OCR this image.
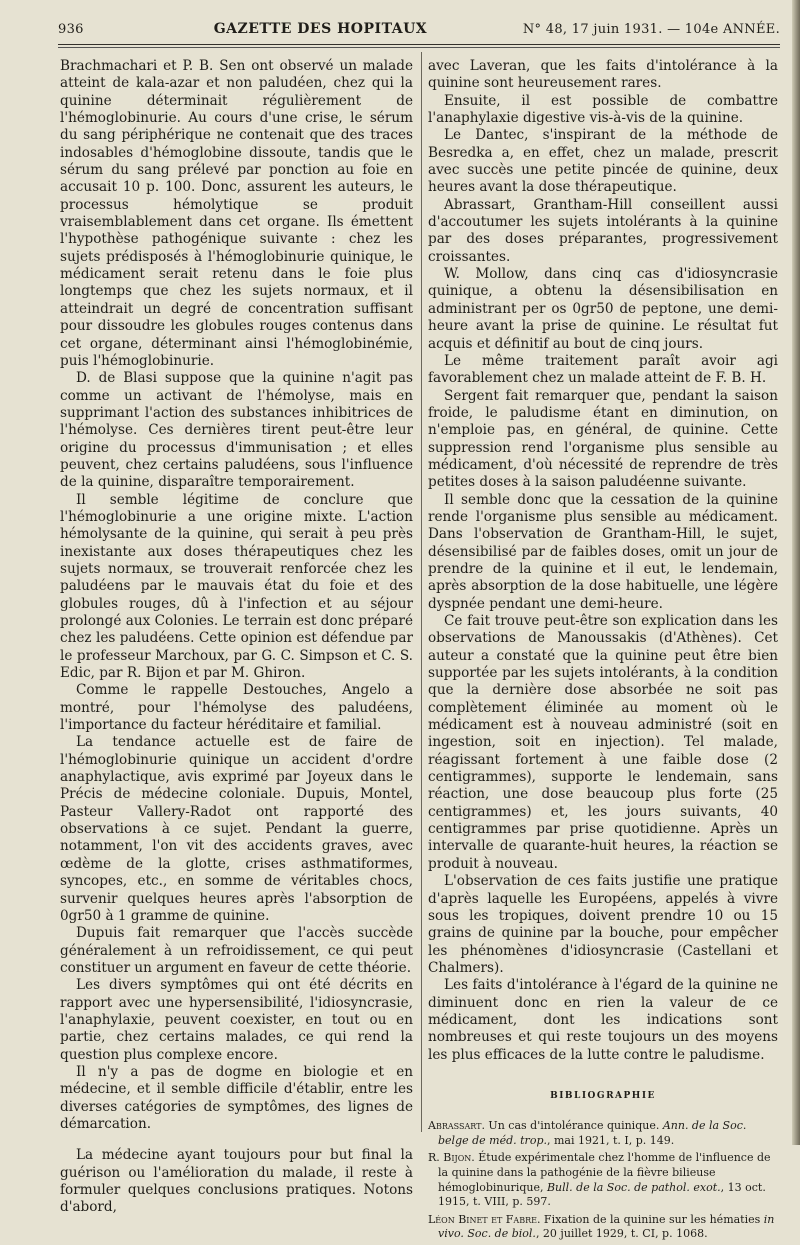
936	GAZETTE DES HOPITAUX	N° 48, 17 juin 1931. — 104e ANNÉE.

Brachmachari et P. B. Sen ont observé un malade atteint de kala-azar et non paludéen, chez qui la quinine déterminait régulièrement de l'hémoglobinurie. Au cours d'une crise, le sérum du sang périphérique ne contenait que des traces indosables d'hémoglobine dissoute, tandis que le sérum du sang prélevé par ponction au foie en accusait 10 p. 100. Donc, assurent les auteurs, le processus hémolytique se produit vraisemblablement dans cet organe. Ils émettent l'hypothèse pathogénique suivante : chez les sujets prédisposés à l'hémoglobinurie quinique, le médicament serait retenu dans le foie plus longtemps que chez les sujets normaux, et il atteindrait un degré de concentration suffisant pour dissoudre les globules rouges contenus dans cet organe, déterminant ainsi l'hémoglobinémie, puis l'hémoglobinurie.

D. de Blasi suppose que la quinine n'agit pas comme un activant de l'hémolyse, mais en supprimant l'action des substances inhibitrices de l'hémolyse. Ces dernières tirent peut-être leur origine du processus d'immunisation ; et elles peuvent, chez certains paludéens, sous l'influence de la quinine, disparaître temporairement.

Il semble légitime de conclure que l'hémoglobinurie a une origine mixte. L'action hémolysante de la quinine, qui serait à peu près inexistante aux doses thérapeutiques chez les sujets normaux, se trouverait renforcée chez les paludéens par le mauvais état du foie et des globules rouges, dû à l'infection et au séjour prolongé aux Colonies. Le terrain est donc préparé chez les paludéens. Cette opinion est défendue par le professeur Marchoux, par G. C. Simpson et C. S. Edic, par R. Bijon et par M. Ghiron.

Comme le rappelle Destouches, Angelo a montré, pour l'hémolyse des paludéens, l'importance du facteur héréditaire et familial.

La tendance actuelle est de faire de l'hémoglobinurie quinique un accident d'ordre anaphylactique, avis exprimé par Joyeux dans le Précis de médecine coloniale. Dupuis, Montel, Pasteur Vallery-Radot ont rapporté des observations à ce sujet. Pendant la guerre, notamment, l'on vit des accidents graves, avec œdème de la glotte, crises asthmatiformes, syncopes, etc., en somme de véritables chocs, survenir quelques heures après l'absorption de 0gr50 à 1 gramme de quinine.

Dupuis fait remarquer que l'accès succède généralement à un refroidissement, ce qui peut constituer un argument en faveur de cette théorie.

Les divers symptômes qui ont été décrits en rapport avec une hypersensibilité, l'idiosyncrasie, l'anaphylaxie, peuvent coexister, en tout ou en partie, chez certains malades, ce qui rend la question plus complexe encore.

Il n'y a pas de dogme en biologie et en médecine, et il semble difficile d'établir, entre les diverses catégories de symptômes, des lignes de démarcation.

La médecine ayant toujours pour but final la guérison ou l'amélioration du malade, il reste à formuler quelques conclusions pratiques. Notons d'abord,

avec Laveran, que les faits d'intolérance à la quinine sont heureusement rares.

Ensuite, il est possible de combattre l'anaphylaxie digestive vis-à-vis de la quinine.

Le Dantec, s'inspirant de la méthode de Besredka a, en effet, chez un malade, prescrit avec succès une petite pincée de quinine, deux heures avant la dose thérapeutique.

Abrassart, Grantham-Hill conseillent aussi d'accoutumer les sujets intolérants à la quinine par des doses préparantes, progressivement croissantes.

W. Mollow, dans cinq cas d'idiosyncrasie quinique, a obtenu la désensibilisation en administrant per os 0gr50 de peptone, une demi-heure avant la prise de quinine. Le résultat fut acquis et définitif au bout de cinq jours.

Le même traitement paraît avoir agi favorablement chez un malade atteint de F. B. H.

Sergent fait remarquer que, pendant la saison froide, le paludisme étant en diminution, on n'emploie pas, en général, de quinine. Cette suppression rend l'organisme plus sensible au médicament, d'où nécessité de reprendre de très petites doses à la saison paludéenne suivante.

Il semble donc que la cessation de la quinine rende l'organisme plus sensible au médicament. Dans l'observation de Grantham-Hill, le sujet, désensibilisé par de faibles doses, omit un jour de prendre de la quinine et il eut, le lendemain, après absorption de la dose habituelle, une légère dyspnée pendant une demi-heure.

Ce fait trouve peut-être son explication dans les observations de Manoussakis (d'Athènes). Cet auteur a constaté que la quinine peut être bien supportée par les sujets intolérants, à la condition que la dernière dose absorbée ne soit pas complètement éliminée au moment où le médicament est à nouveau administré (soit en ingestion, soit en injection). Tel malade, réagissant fortement à une faible dose (2 centigrammes), supporte le lendemain, sans réaction, une dose beaucoup plus forte (25 centigrammes) et, les jours suivants, 40 centigrammes par prise quotidienne. Après un intervalle de quarante-huit heures, la réaction se produit à nouveau.

L'observation de ces faits justifie une pratique d'après laquelle les Européens, appelés à vivre sous les tropiques, doivent prendre 10 ou 15 grains de quinine par la bouche, pour empêcher les phénomènes d'idiosyncrasie (Castellani et Chalmers).

Les faits d'intolérance à l'égard de la quinine ne diminuent donc en rien la valeur de ce médicament, dont les indications sont nombreuses et qui reste toujours un des moyens les plus efficaces de la lutte contre le paludisme.

BIBLIOGRAPHIE
Abrassart. Un cas d'intolérance quinique. Ann. de la Soc. belge de méd. trop., mai 1921, t. I, p. 149.
R. Bijon. Étude expérimentale chez l'homme de l'influence de la quinine dans la pathogénie de la fièvre bilieuse hémoglobinurique, Bull. de la Soc. de pathol. exot., 13 oct. 1915, t. VIII, p. 597.
Léon Binet et Fabre. Fixation de la quinine sur les hématies in vivo. Soc. de biol., 20 juillet 1929, t. CI, p. 1068.
